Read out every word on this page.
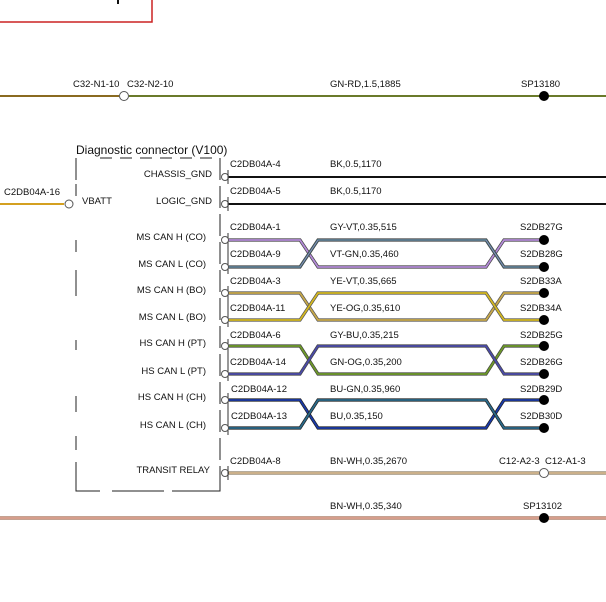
C32-N1-10 C32-N2-10	GN-RD,1.5,1885	SP13180
Diagnostic connector (V100)
C2DB04A-16
VBATT
CHASSIS_GND
LOGIC_GND
MS CAN H (CO)
MS CAN L (CO)
MS CAN H (BO)
MS CAN L (BO)
HS CAN H (PT)
HS CAN L (PT)
HS CAN H (CH)
HS CAN L (CH)
TRANSIT RELAY
C2DB04A-4	BK,0.5,1170
C2DB04A-5	BK,0.5,1170
C2DB04A-1	GY-VT,0.35,515	S2DB27G
C2DB04A-9	VT-GN,0.35,460	S2DB28G
C2DB04A-3	YE-VT,0.35,665	S2DB33A
C2DB04A-11	YE-OG,0.35,610	S2DB34A
C2DB04A-6	GY-BU,0.35,215	S2DB25G
C2DB04A-14	GN-OG,0.35,200	S2DB26G
C2DB04A-12	BU-GN,0.35,960	S2DB29D
C2DB04A-13	BU,0.35,150	S2DB30D
C2DB04A-8	BN-WH,0.35,2670	C12-A2-3 C12-A1-3
BN-WH,0.35,340	SP13102
